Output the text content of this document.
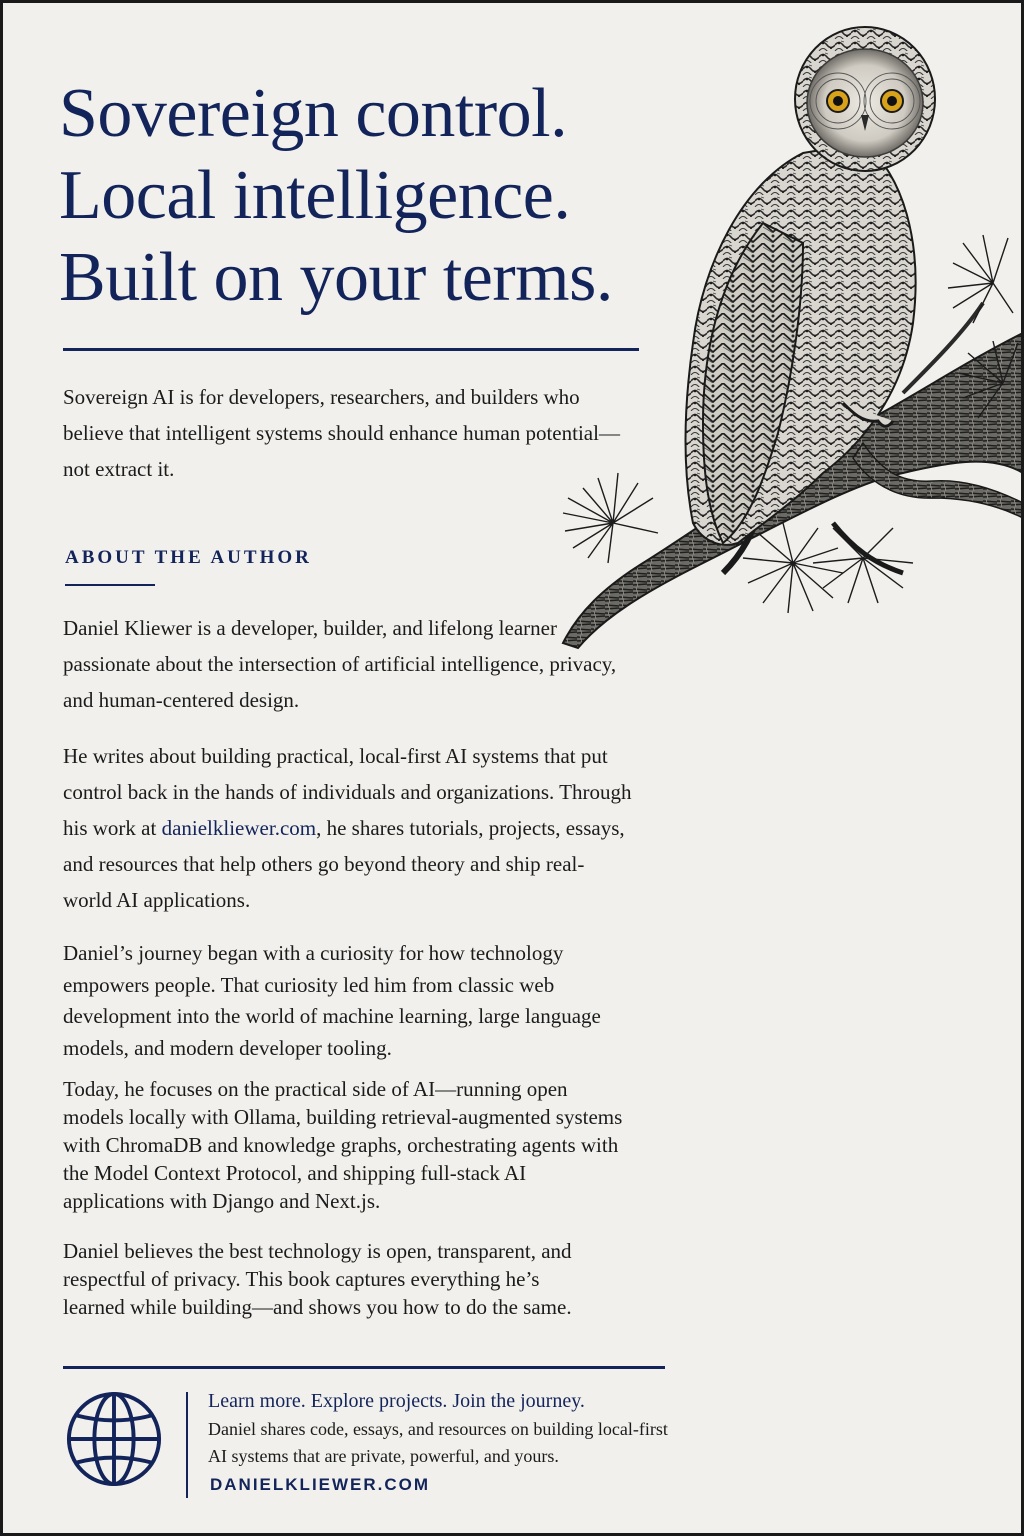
Sovereign control.
Local intelligence.
Built on your terms.

Sovereign AI is for developers, researchers, and builders who believe that intelligent systems should enhance human potential—not extract it.

ABOUT THE AUTHOR

Daniel Kliewer is a developer, builder, and lifelong learner passionate about the intersection of artificial intelligence, privacy, and human-centered design.

He writes about building practical, local-first AI systems that put control back in the hands of individuals and organizations. Through his work at danielkliewer.com, he shares tutorials, projects, essays, and resources that help others go beyond theory and ship real-world AI applications.

Daniel’s journey began with a curiosity for how technology empowers people. That curiosity led him from classic web development into the world of machine learning, large language models, and modern developer tooling.

Today, he focuses on the practical side of AI—running open models locally with Ollama, building retrieval-augmented systems with ChromaDB and knowledge graphs, orchestrating agents with the Model Context Protocol, and shipping full-stack AI applications with Django and Next.js.

Daniel believes the best technology is open, transparent, and respectful of privacy. This book captures everything he’s learned while building—and shows you how to do the same.

Learn more. Explore projects. Join the journey.

Daniel shares code, essays, and resources on building local-first AI systems that are private, powerful, and yours.

DANIELKLIEWER.COM
